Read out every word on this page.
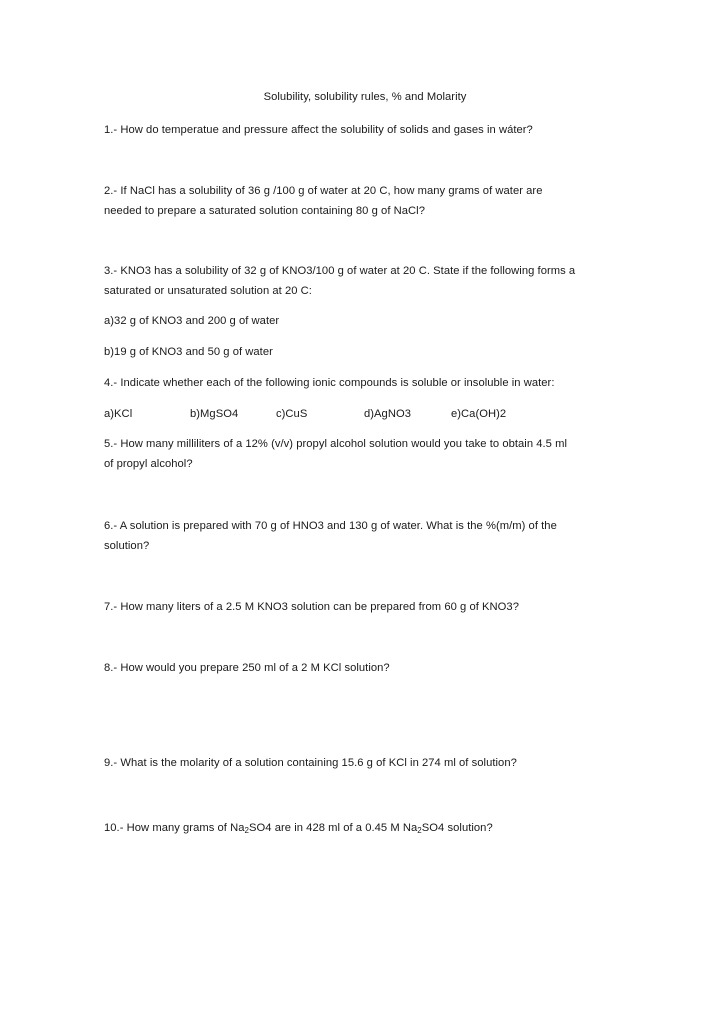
Solubility, solubility rules, % and Molarity
1.- How do temperatue and pressure affect the solubility of solids and gases in wáter?
2.- If NaCl has a solubility of 36 g /100 g of water at 20 C, how many grams of water are
needed to prepare a saturated solution containing 80 g of NaCl?
3.- KNO3 has a solubility of 32 g of KNO3/100 g of water at 20 C. State if the following forms a
saturated or unsaturated solution at 20 C:
a)32 g of KNO3 and 200 g of water
b)19 g of KNO3 and 50 g of water
4.- Indicate whether each of the following ionic compounds is soluble or insoluble in water:
a)KCl	b)MgSO4	c)CuS	d)AgNO3	e)Ca(OH)2
5.- How many milliliters of a 12% (v/v) propyl alcohol solution would you take to obtain 4.5 ml
of propyl alcohol?
6.- A solution is prepared with 70 g of HNO3 and 130 g of water. What is the %(m/m) of the
solution?
7.- How many liters of a 2.5 M KNO3 solution can be prepared from 60 g of KNO3?
8.- How would you prepare 250 ml of a 2 M KCl solution?
9.- What is the molarity of a solution containing 15.6 g of KCl in 274 ml of solution?
10.- How many grams of $Na_2SO4$ are in 428 ml of a 0.45 M $Na_2SO4$ solution?
